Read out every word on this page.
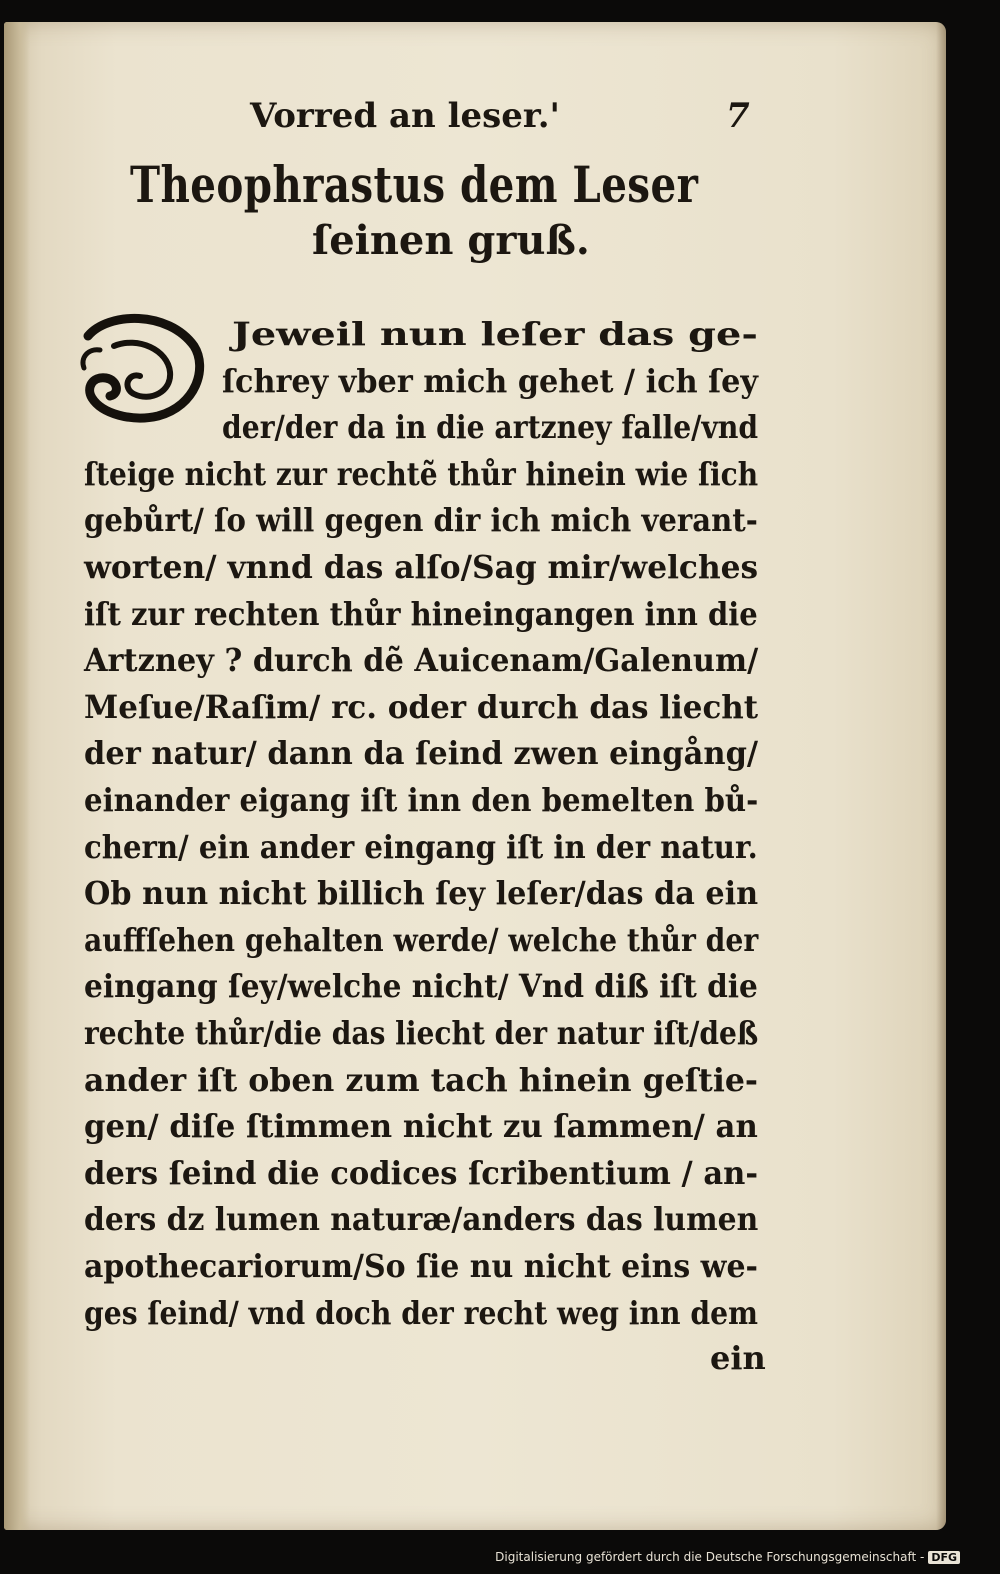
Vorred an leser.'	7
Theophrastus dem Leser
ſeinen gruß.
Jeweil nun leſer das ge-
ſchrey vber mich gehet / ich ſey
der/der da in die artzney falle/vnd
ſteige nicht zur rechtẽ thůr hinein wie ſich
gebůrt/ ſo will gegen dir ich mich verant-
worten/ vnnd das alſo/Sag mir/welches
iſt zur rechten thůr hineingangen inn die
Artzney ? durch dẽ Auicenam/Galenum/
Meſue/Raſim/ rc. oder durch das liecht
der natur/ dann da ſeind zwen eingång/
einander eigang iſt inn den bemelten bů-
chern/ ein ander eingang iſt in der natur.
Ob nun nicht billich ſey leſer/das da ein
auffſehen gehalten werde/ welche thůr der
eingang ſey/welche nicht/ Vnd diß iſt die
rechte thůr/die das liecht der natur iſt/deß
ander iſt oben zum tach hinein geſtie-
gen/ diſe ſtimmen nicht zu ſammen/ an
ders ſeind die codices ſcribentium / an-
ders dz lumen naturæ/anders das lumen
apothecariorum/So ſie nu nicht eins we-
ges ſeind/ vnd doch der recht weg inn dem
ein
Digitalisierung gefördert durch die Deutsche Forschungsgemeinschaft - DFG
